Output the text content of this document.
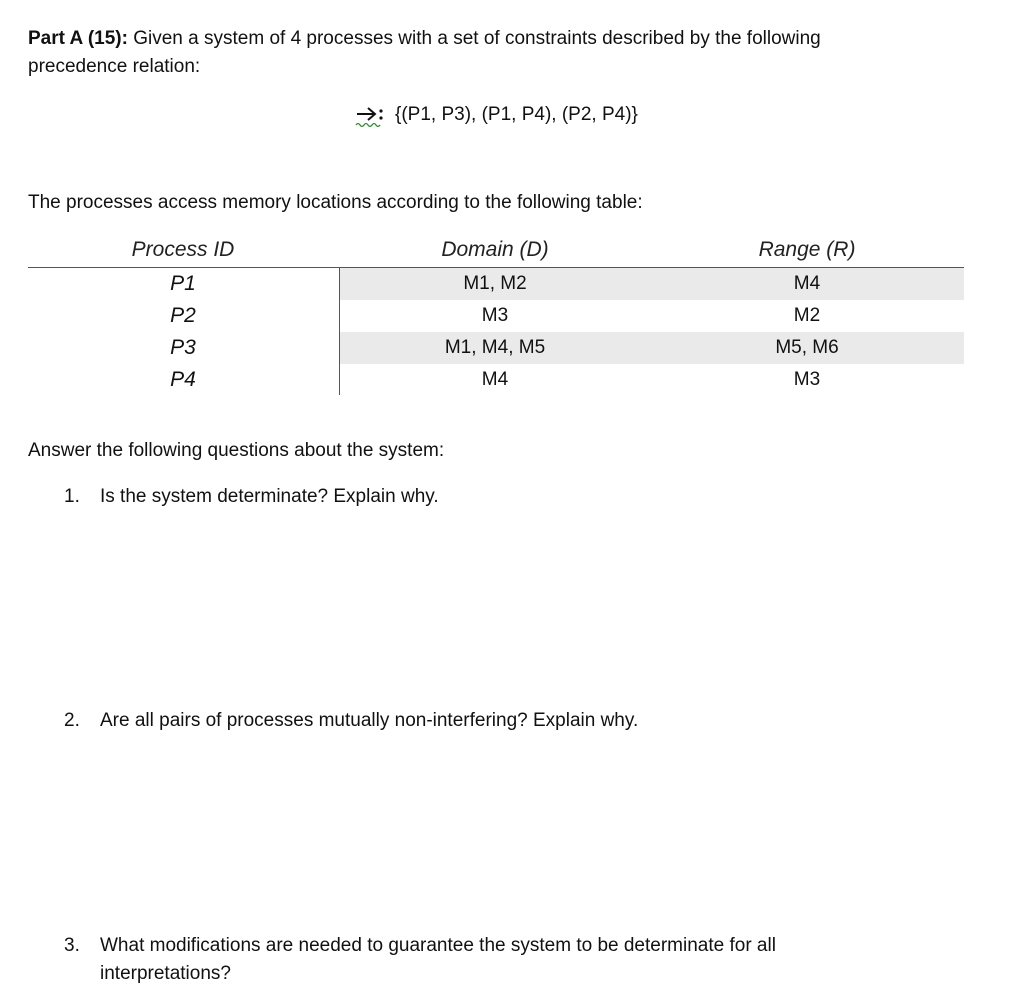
Part A (15): Given a system of 4 processes with a set of constraints described by the following
precedence relation:
{(P1, P3), (P1, P4), (P2, P4)}
The processes access memory locations according to the following table:
Process ID	Domain (D)	Range (R)
P1	M1, M2	M4
P2	M3	M2
P3	M1, M4, M5	M5, M6
P4	M4	M3
Answer the following questions about the system:
1. Is the system determinate? Explain why.
2. Are all pairs of processes mutually non-interfering? Explain why.
3. What modifications are needed to guarantee the system to be determinate for all interpretations?
